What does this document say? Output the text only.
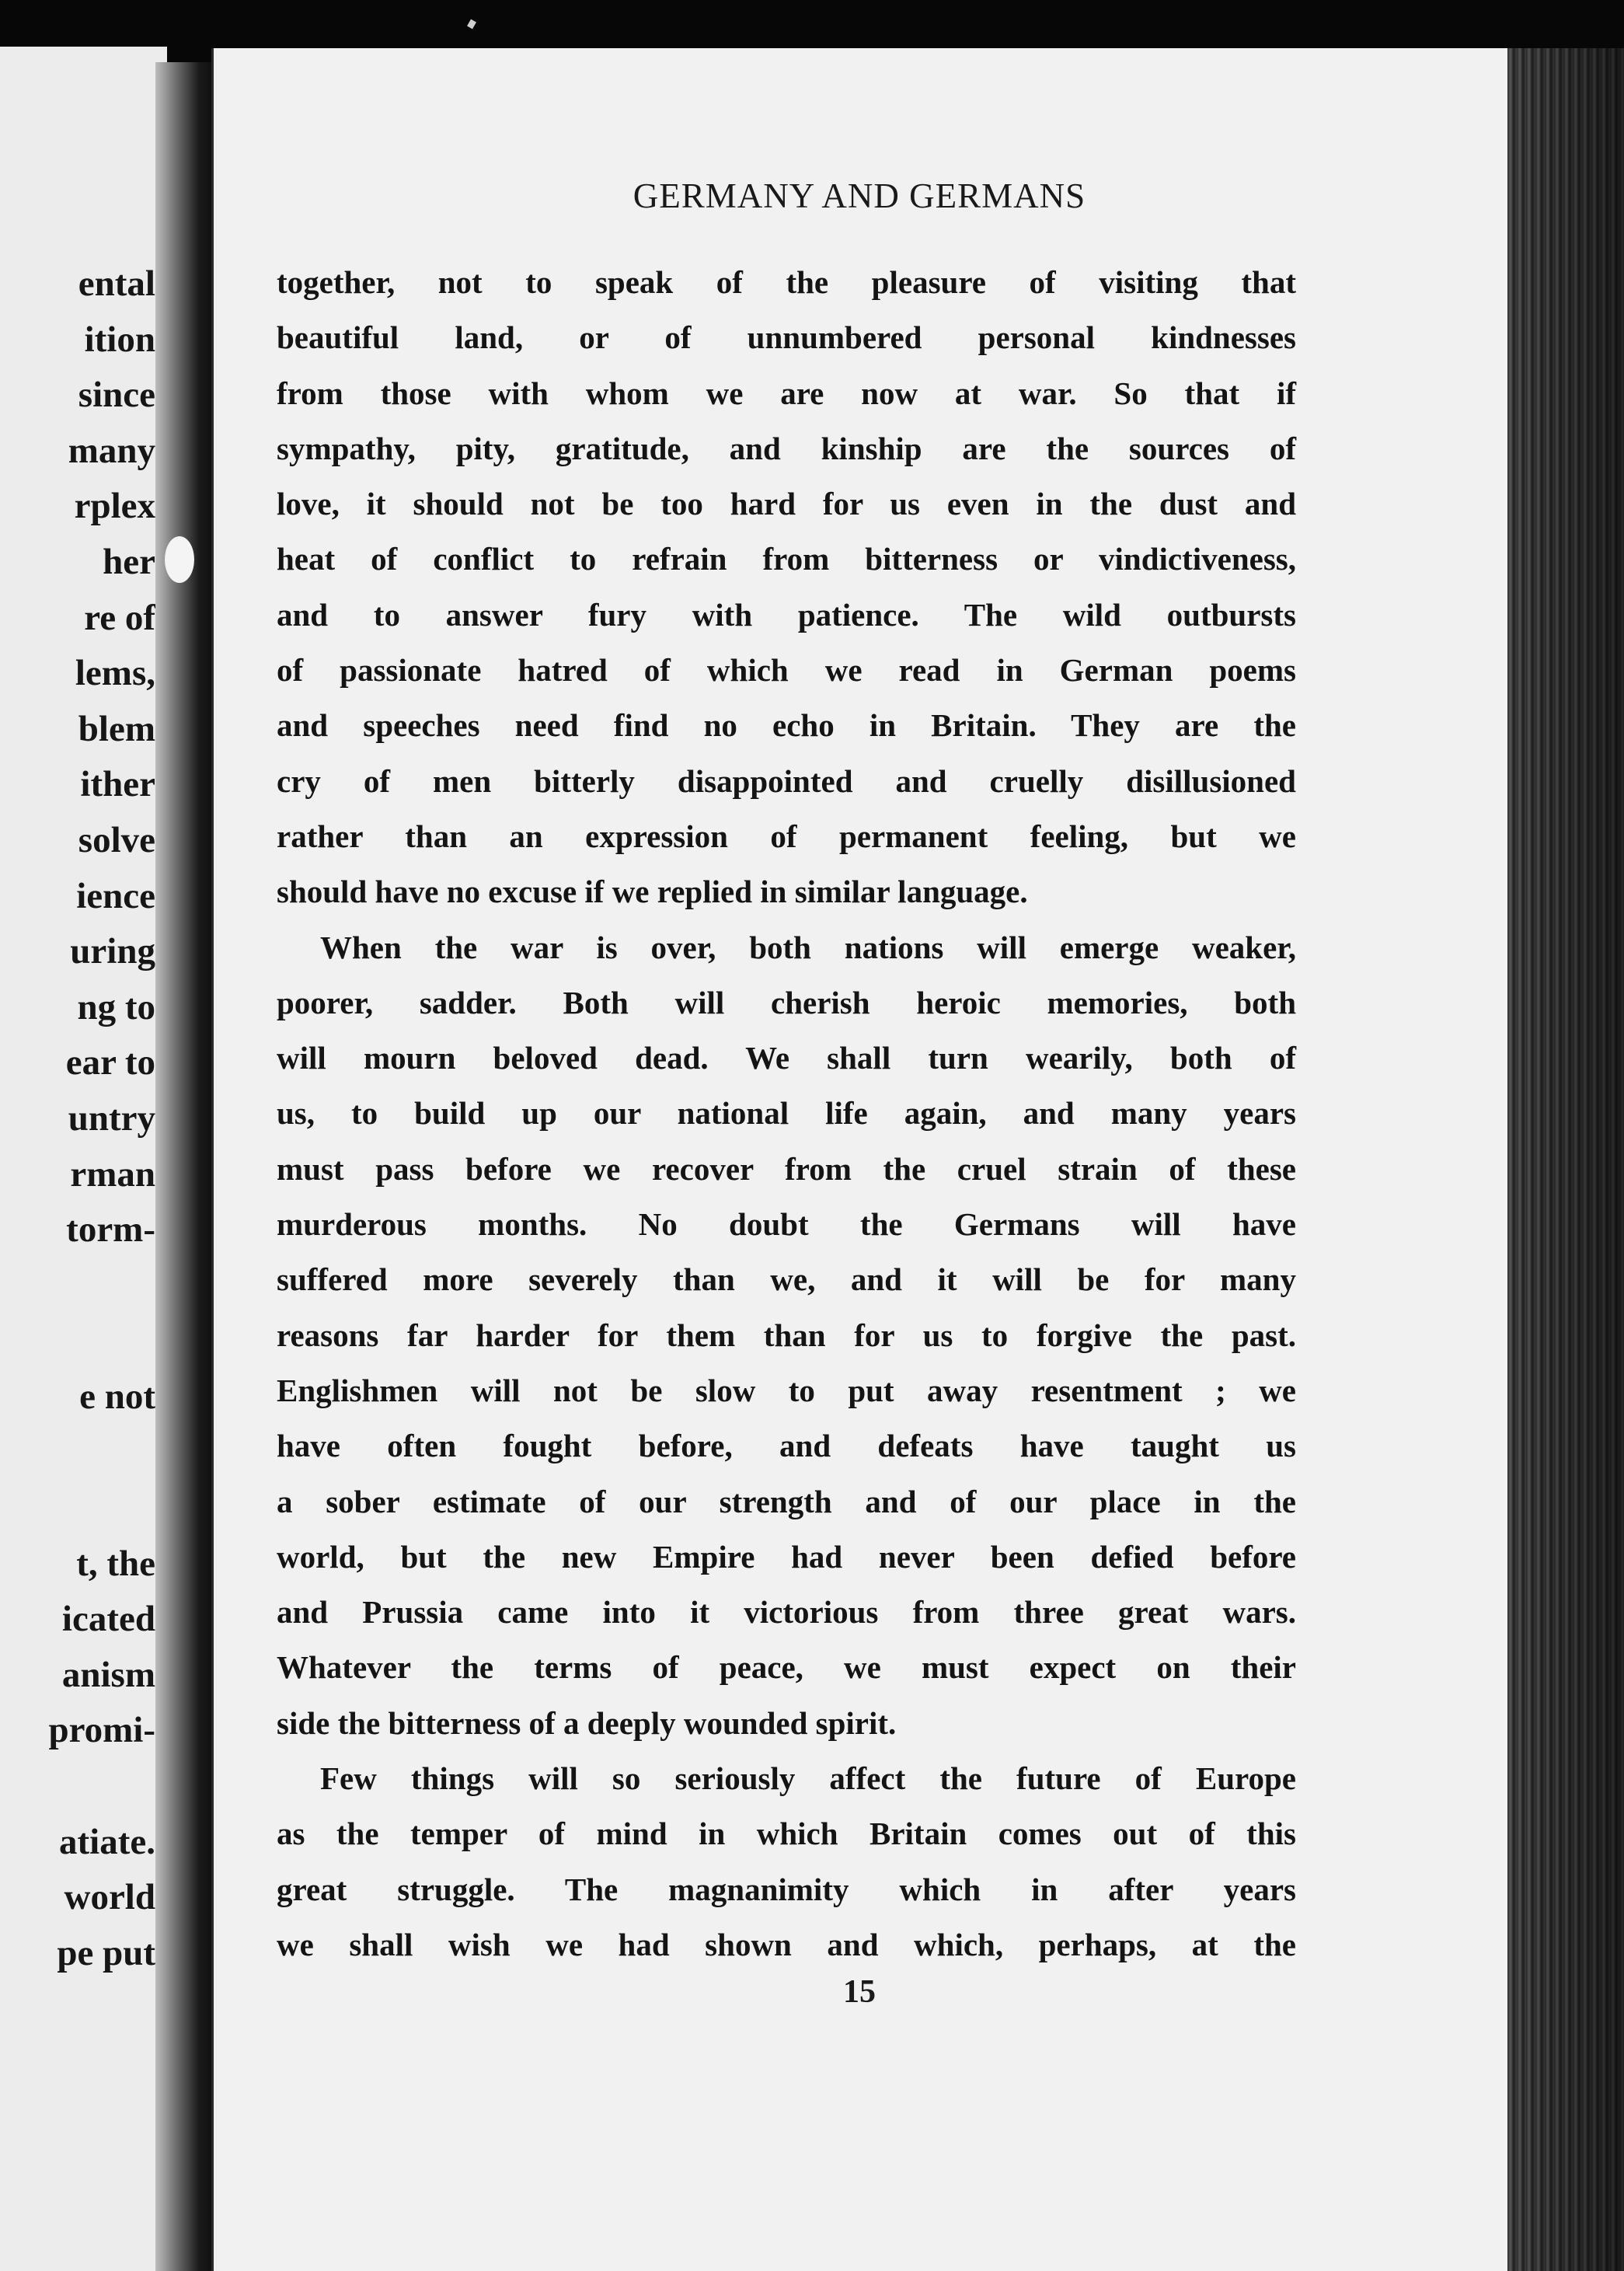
ental
ition
since
many
rplex
her
re of
lems,
blem
ither
solve
ience
uring
ng to
ear to
untry
rman
torm-
e not
t, the
icated
anism
promi-
atiate.
world
pe put
GERMANY AND GERMANS
together, not to speak of the pleasure of visiting that
beautiful land, or of unnumbered personal kindnesses
from those with whom we are now at war. So that if
sympathy, pity, gratitude, and kinship are the sources of
love, it should not be too hard for us even in the dust and
heat of conflict to refrain from bitterness or vindictiveness,
and to answer fury with patience. The wild outbursts
of passionate hatred of which we read in German poems
and speeches need find no echo in Britain. They are the
cry of men bitterly disappointed and cruelly disillusioned
rather than an expression of permanent feeling, but we
should have no excuse if we replied in similar language.
When the war is over, both nations will emerge weaker,
poorer, sadder. Both will cherish heroic memories, both
will mourn beloved dead. We shall turn wearily, both of
us, to build up our national life again, and many years
must pass before we recover from the cruel strain of these
murderous months. No doubt the Germans will have
suffered more severely than we, and it will be for many
reasons far harder for them than for us to forgive the past.
Englishmen will not be slow to put away resentment ; we
have often fought before, and defeats have taught us
a sober estimate of our strength and of our place in the
world, but the new Empire had never been defied before
and Prussia came into it victorious from three great wars.
Whatever the terms of peace, we must expect on their
side the bitterness of a deeply wounded spirit.
Few things will so seriously affect the future of Europe
as the temper of mind in which Britain comes out of this
great struggle. The magnanimity which in after years
we shall wish we had shown and which, perhaps, at the
15
